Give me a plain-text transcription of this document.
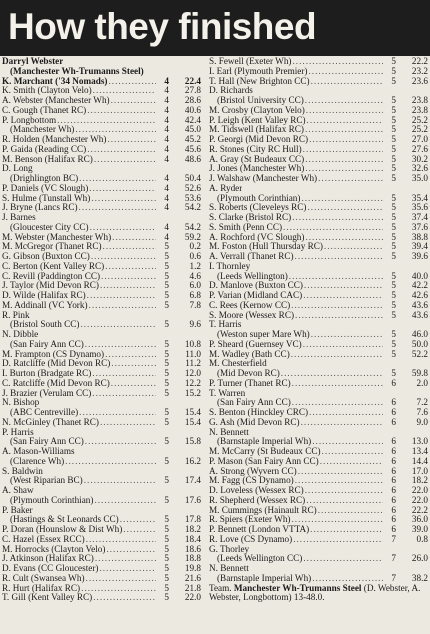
How they finished
Darryl Webster
(Manchester Wh-Trumanns Steel)
K. Marchant ('34 Nomads) .....	4	22.4
K. Smith (Clayton Velo) .....	4	27.8
A. Webster (Manchester Wh) .....	4	28.6
C. Gough (Thanet RC) .....	4	40.6
P. Longbottom .....	4	42.4
(Manchester Wh) .....	4	45.0
R. Holden (Manchester Wh) .....	4	45.2
P. Gaida (Reading CC) .....	4	45.6
M. Benson (Halifax RC) .....	4	48.6
D. Long
(Drighlington BC) .....	4	50.4
P. Daniels (VC Slough) .....	4	52.6
S. Hulme (Tunstall Wh) .....	4	53.6
J. Bryne (Lancs RC) .....	4	54.2
J. Barnes
(Gloucester City CC) .....	4	54.2
M. Webster (Manchester Wh) .....	4	59.2
M. McGregor (Thanet RC) .....	5	0.2
G. Gibson (Buxton CC) .....	5	0.6
C. Berton (Kent Valley RC) .....	5	1.2
C. Revill (Paddington CC) .....	5	4.6
J. Taylor (Mid Devon RC) .....	5	6.0
D. Wilde (Halifax RC) .....	5	6.8
M. Addinall (VC York) .....	5	7.8
R. Pink
(Bristol South CC) .....	5	9.6
N. Dibble
(San Fairy Ann CC) .....	5	10.8
M. Frampton (CS Dynamo) .....	5	11.0
D. Ratcliffe (Mid Devon RC) .....	5	11.2
I. Burton (Bradgate RC) .....	5	12.0
C. Ratcliffe (Mid Devon RC) .....	5	12.2
J. Brazier (Verulam CC) .....	5	15.2
N. Bishop
(ABC Centreville) .....	5	15.4
N. McGinley (Thanet RC) .....	5	15.4
P. Harris
(San Fairy Ann CC) .....	5	15.8
A. Mason-Williams
(Clarence Wh) .....	5	16.2
S. Baldwin
(West Riparian BC) .....	5	17.4
A. Shaw
(Plymouth Corinthian) .....	5	17.6
P. Baker
(Hastings & St Leonards CC) .....	5	17.8
P. Doran (Hounslow & Dist Wh) .....	5	18.2
C. Hazel (Essex RCC) .....	5	18.4
M. Horrocks (Clayton Velo) .....	5	18.6
J. Atkinson (Halifax RC) .....	5	18.8
D. Evans (CC Gloucester) .....	5	19.8
R. Cult (Swansea Wh) .....	5	21.6
R. Hurt (Halifax RC) .....	5	21.8
T. Gill (Kent Valley RC) .....	5	22.0
S. Fewell (Exeter Wh) .....	5	22.2
I. Earl (Plymouth Premier) .....	5	23.2
T. Hall (New Brighton CC) .....	5	23.6
D. Richards
(Bristol University CC) .....	5	23.8
M. Crosby (Clayton Velo) .....	5	23.8
P. Leigh (Kent Valley RC) .....	5	25.2
M. Tidswell (Halifax RC) .....	5	25.2
P. Georgi (Mid Devon RC) .....	5	27.0
R. Stones (City RC Hull) .....	5	27.6
A. Gray (St Budeaux CC) .....	5	30.2
J. Jones (Manchester Wh) .....	5	32.6
J. Walshaw (Manchester Wh) .....	5	35.0
A. Ryder
(Plymouth Corinthian) .....	5	35.4
S. Roberts (Cleveleys RC) .....	5	35.6
S. Clarke (Bristol RC) .....	5	37.4
S. Smith (Penn CC) .....	5	37.6
A. Rochford (VC Slough) .....	5	38.8
M. Foston (Hull Thursday RC) .....	5	39.4
A. Verrall (Thanet RC) .....	5	39.6
I. Thornley
(Leeds Wellington) .....	5	40.0
D. Manlove (Buxton CC) .....	5	42.2
P. Varian (Midland CAC) .....	5	42.6
C. Rees (Kernow CC) .....	5	43.6
S. Moore (Wessex RC) .....	5	43.6
T. Harris
(Weston super Mare Wh) .....	5	46.0
P. Sheard (Guernsey VC) .....	5	50.0
M. Wadley (Bath CC) .....	5	52.2
M. Chesterfield
(Mid Devon RC) .....	5	59.8
P. Turner (Thanet RC) .....	6	2.0
T. Warren
(San Fairy Ann CC) .....	6	7.2
S. Benton (Hinckley CRC) .....	6	7.6
G. Ash (Mid Devon RC) .....	6	9.0
N. Bennett
(Barnstaple Imperial Wh) .....	6	13.0
M. McCarry (St Budeaux CC) .....	6	13.4
P. Mason (San Fairy Ann CC) .....	6	14.4
A. Strong (Wyvern CC) .....	6	17.0
M. Fagg (CS Dynamo) .....	6	18.2
D. Loveless (Wessex RC) .....	6	22.0
R. Shepherd (Wessex RC) .....	6	22.0
M. Cummings (Hainault RC) .....	6	22.2
R. Spiers (Exeter Wh) .....	6	36.0
P. Bennett (London VTTA) .....	6	39.0
R. Love (CS Dynamo) .....	7	0.8
G. Thorley
(Leeds Wellington CC) .....	7	26.0
N. Bennett
(Barnstaple Imperial Wh) .....	7	38.2
Team. Manchester Wh-Trumanns Steel (D. Webster, A. Webster, Longbottom) 13-48.0.
